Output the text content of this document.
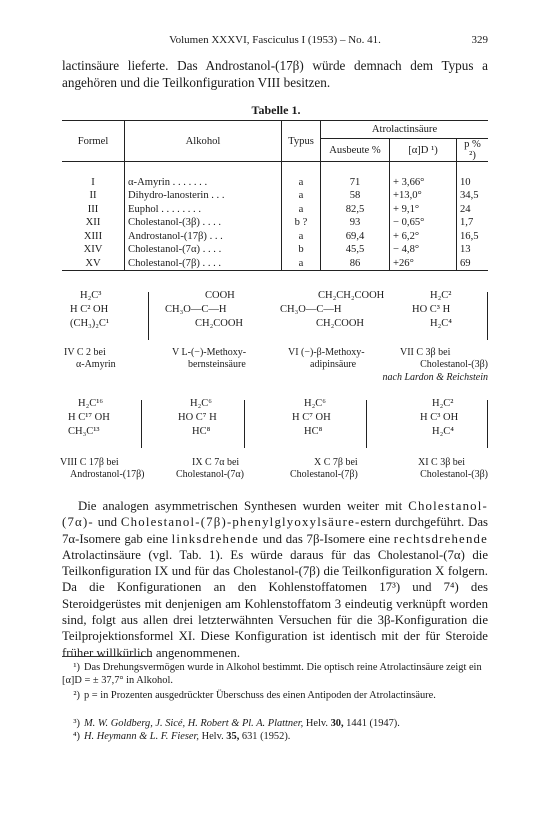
Volumen XXXVI, Fasciculus I (1953) – No. 41.	329
lactinsäure lieferte. Das Androstanol-(17β) würde demnach dem Typus a angehören und die Teilkonfiguration VIII besitzen.
Tabelle 1.
Formel	Alkohol	Typus	Atrolactinsäure		
			Ausbeute %	[α]D ¹)	p % ²)

I	α-Amyrin . . . . . . .	a	71	+ 3,66°	10
II	Dihydro-lanosterin . . .	a	58	+13,0°	34,5
III	Euphol . . . . . . . .	a	82,5	+ 9,1°	24
XII	Cholestanol-(3β) . . . .	b ?	93	− 0,65°	1,7
XIII	Androstanol-(17β) . . .	a	69,4	+ 6,2°	16,5
XIV	Cholestanol-(7α) . . . .	b	45,5	− 4,8°	13
XV	Cholestanol-(7β) . . . .	a	86	+26°	69
H₂C³
H C² OH
(CH₃)₂C¹
IV C 2 bei
α-Amyrin
COOH
CH₃O—C—H
CH₂COOH
V L-(−)-Methoxy-
bernsteinsäure
CH₂CH₂COOH
CH₃O—C—H
CH₂COOH
VI (−)-β-Methoxy-
adipinsäure
H₂C²
HO C³ H
H₂C⁴
VII C 3β bei
Cholestanol-(3β)
nach Lardon & Reichstein
H₂C¹⁶
H C¹⁷ OH
CH₃C¹³
VIII C 17β bei
Androstanol-(17β)
H₂C⁶
HO C⁷ H
HC⁸
IX C 7α bei
Cholestanol-(7α)
H₂C⁶
H C⁷ OH
HC⁸
X C 7β bei
Cholestanol-(7β)
H₂C²
H C³ OH
H₂C⁴
XI C 3β bei
Cholestanol-(3β)

Die analogen asymmetrischen Synthesen wurden weiter mit Cholestanol-(7α)- und Cholestanol-(7β)-phenylglyoxylsäure-estern durchgeführt. Das 7α-Isomere gab eine linksdrehende und das 7β-Isomere eine rechtsdrehende Atrolactinsäure (vgl. Tab. 1). Es würde daraus für das Cholestanol-(7α) die Teilkonfiguration IX und für das Cholestanol-(7β) die Teilkonfiguration X folgern. Da die Konfigurationen an den Kohlenstoffatomen 17³) und 7⁴) des Steroidgerüstes mit denjenigen am Kohlenstoffatom 3 eindeutig verknüpft worden sind, folgt aus allen drei letzterwähnten Versuchen für die 3β-Konfiguration die Teilprojektionsformel XI. Diese Konfiguration ist identisch mit der für Steroide früher willkürlich angenommenen.

¹) Das Drehungsvermögen wurde in Alkohol bestimmt. Die optisch reine Atrolactinsäure zeigt ein [α]D = ± 37,7° in Alkohol.
²) p = in Prozenten ausgedrückter Überschuss des einen Antipoden der Atrolactinsäure.
³) M. W. Goldberg, J. Sicé, H. Robert & Pl. A. Plattner, Helv. 30, 1441 (1947).
⁴) H. Heymann & L. F. Fieser, Helv. 35, 631 (1952).
